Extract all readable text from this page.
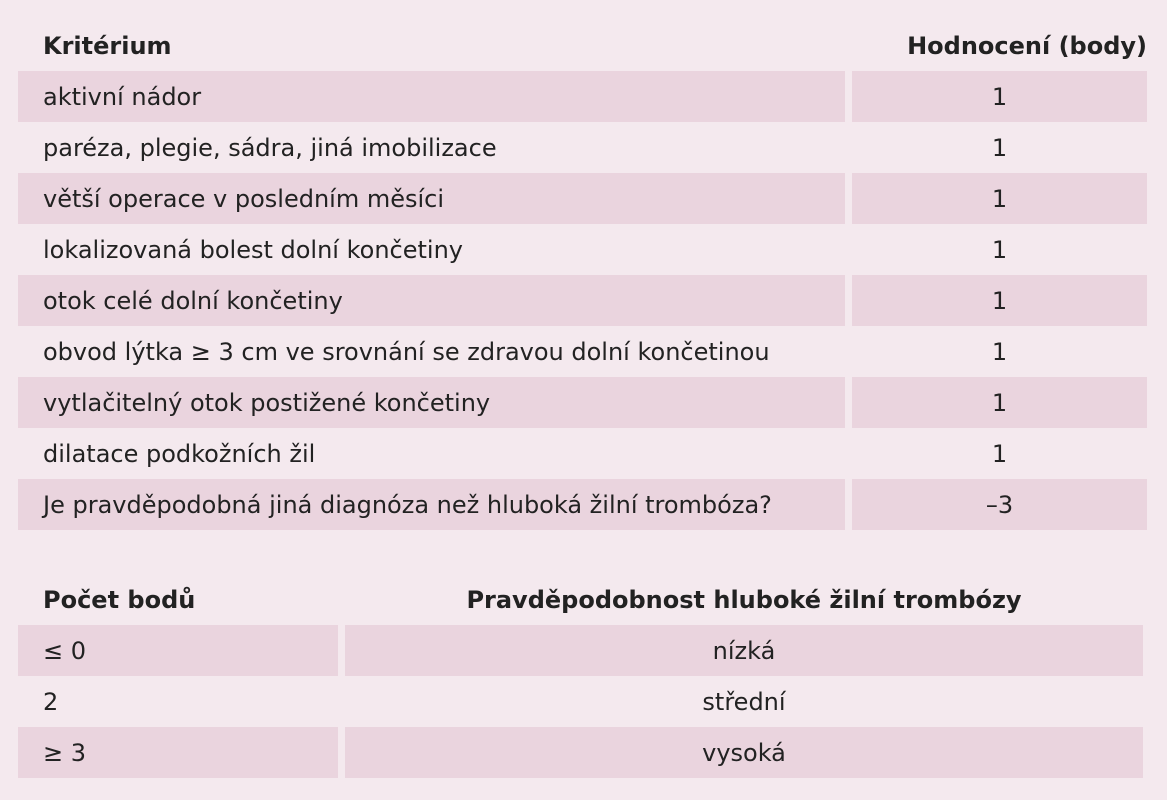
Kritérium	Hodnocení (body)
aktivní nádor	1
paréza, plegie, sádra, jiná imobilizace	1
větší operace v posledním měsíci	1
lokalizovaná bolest dolní končetiny	1
otok celé dolní končetiny	1
obvod lýtka ≥ 3 cm ve srovnání se zdravou dolní končetinou	1
vytlačitelný otok postižené končetiny	1
dilatace podkožních žil	1
Je pravděpodobná jiná diagnóza než hluboká žilní trombóza?	–3
Počet bodů	Pravděpodobnost hluboké žilní trombózy
≤ 0	nízká
2	střední
≥ 3	vysoká
